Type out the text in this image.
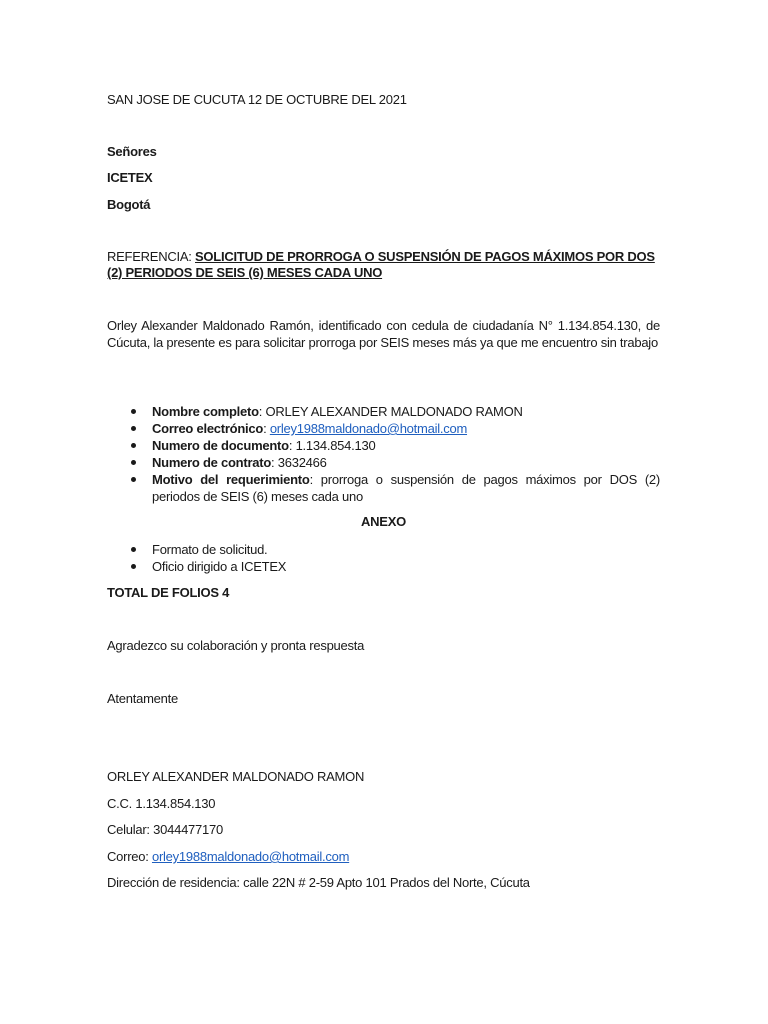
SAN JOSE DE CUCUTA 12 DE OCTUBRE DEL 2021
Señores
ICETEX
Bogotá
REFERENCIA: SOLICITUD DE PRORROGA O SUSPENSIÓN DE PAGOS MÁXIMOS POR DOS
(2) PERIODOS DE SEIS (6) MESES CADA UNO
Orley Alexander Maldonado Ramón, identificado con cedula de ciudadanía N° 1.134.854.130, de Cúcuta, la presente es para solicitar prorroga por SEIS meses más ya que me encuentro sin trabajo
Nombre completo: ORLEY ALEXANDER MALDONADO RAMON
Correo electrónico: orley1988maldonado@hotmail.com
Numero de documento: 1.134.854.130
Numero de contrato: 3632466
Motivo del requerimiento: prorroga o suspensión de pagos máximos por DOS (2) periodos de SEIS (6) meses cada uno
ANEXO
Formato de solicitud.
Oficio dirigido a ICETEX
TOTAL DE FOLIOS 4
Agradezco su colaboración y pronta respuesta
Atentamente
ORLEY ALEXANDER MALDONADO RAMON
C.C. 1.134.854.130
Celular: 3044477170
Correo: orley1988maldonado@hotmail.com
Dirección de residencia: calle 22N # 2-59 Apto 101 Prados del Norte, Cúcuta
